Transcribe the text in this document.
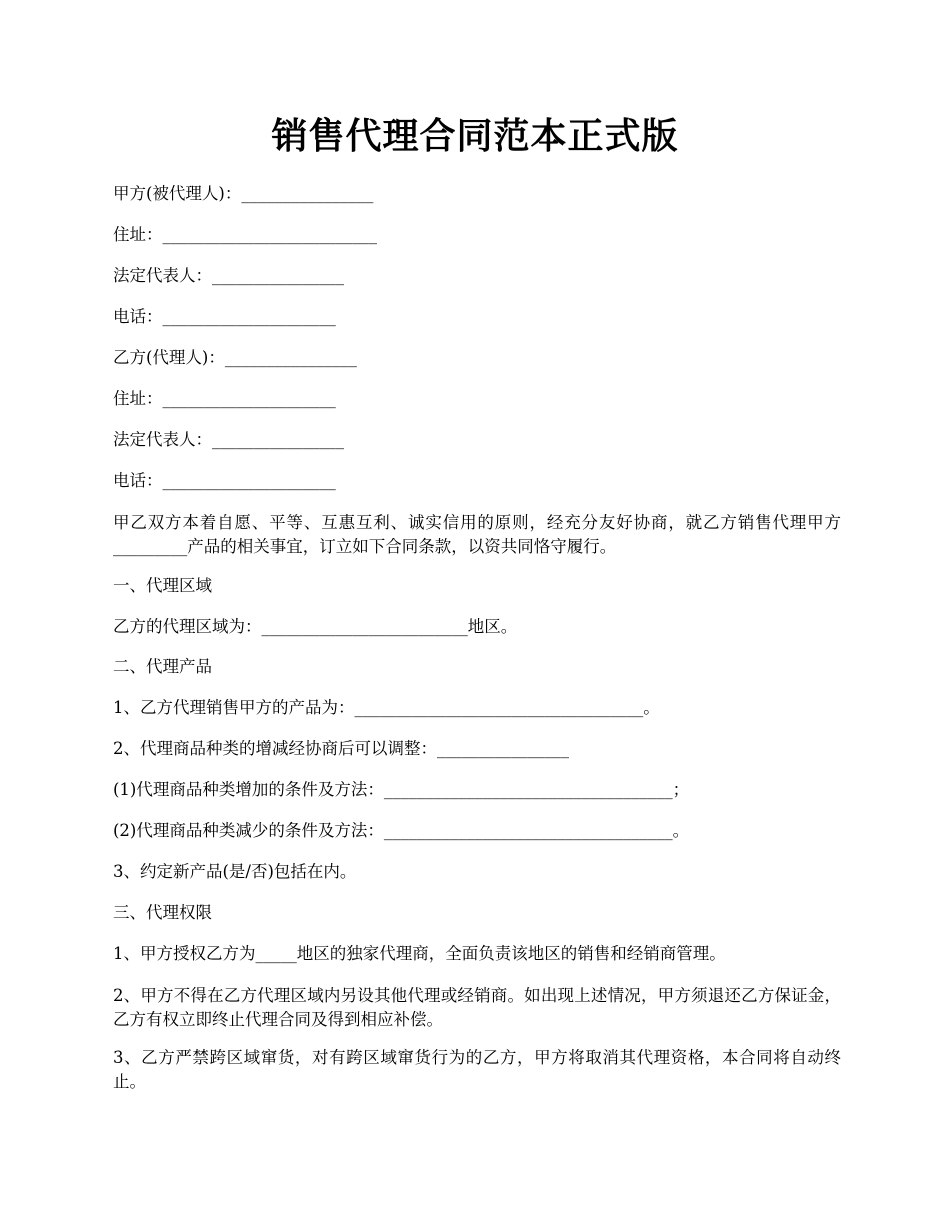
销售代理合同范本正式版
甲方(被代理人)：________________
住址：__________________________
法定代表人：________________
电话：_____________________
乙方(代理人)：________________
住址：_____________________
法定代表人：________________
电话：_____________________
甲乙双方本着自愿、平等、互惠互利、诚实信用的原则，经充分友好协商，就乙方销售代理甲方_________产品的相关事宜，订立如下合同条款，以资共同恪守履行。
一、代理区域
乙方的代理区域为：_________________________地区。
二、代理产品
1、乙方代理销售甲方的产品为：___________________________________。
2、代理商品种类的增减经协商后可以调整：________________
(1)代理商品种类增加的条件及方法：___________________________________；
(2)代理商品种类减少的条件及方法：___________________________________。
3、约定新产品(是/否)包括在内。
三、代理权限
1、甲方授权乙方为_____地区的独家代理商，全面负责该地区的销售和经销商管理。
2、甲方不得在乙方代理区域内另设其他代理或经销商。如出现上述情况，甲方须退还乙方保证金，乙方有权立即终止代理合同及得到相应补偿。
3、乙方严禁跨区域窜货，对有跨区域窜货行为的乙方，甲方将取消其代理资格，本合同将自动终止。
